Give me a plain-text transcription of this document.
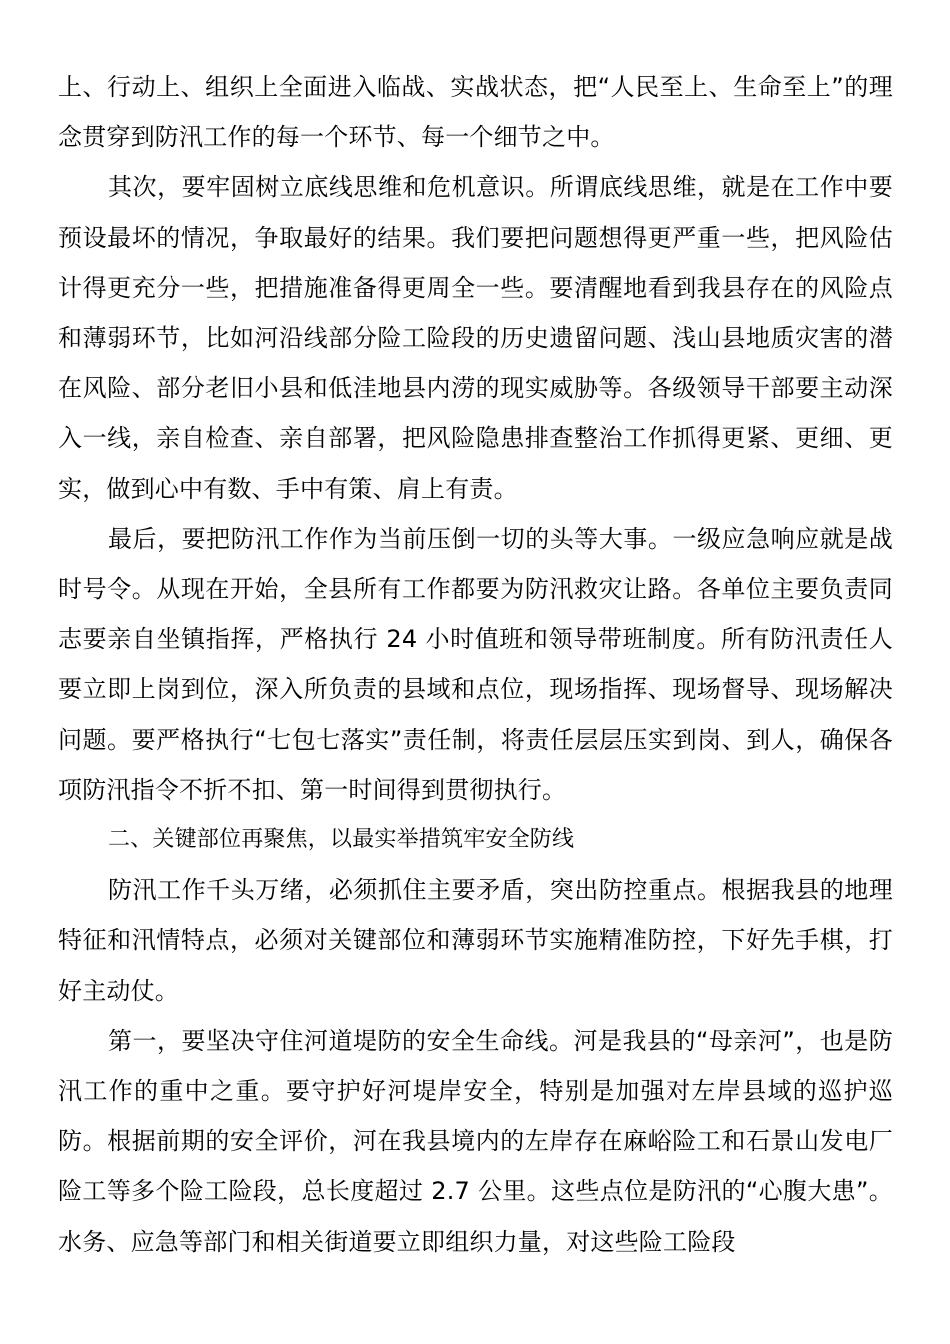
上、行动上、组织上全面进入临战、实战状态，把“人民至上、生命至上”的理念贯穿到防汛工作的每一个环节、每一个细节之中。

其次，要牢固树立底线思维和危机意识。所谓底线思维，就是在工作中要预设最坏的情况，争取最好的结果。我们要把问题想得更严重一些，把风险估计得更充分一些，把措施准备得更周全一些。要清醒地看到我县存在的风险点和薄弱环节，比如河沿线部分险工险段的历史遗留问题、浅山县地质灾害的潜在风险、部分老旧小县和低洼地县内涝的现实威胁等。各级领导干部要主动深入一线，亲自检查、亲自部署，把风险隐患排查整治工作抓得更紧、更细、更实，做到心中有数、手中有策、肩上有责。

最后，要把防汛工作作为当前压倒一切的头等大事。一级应急响应就是战时号令。从现在开始，全县所有工作都要为防汛救灾让路。各单位主要负责同志要亲自坐镇指挥，严格执行 24 小时值班和领导带班制度。所有防汛责任人要立即上岗到位，深入所负责的县域和点位，现场指挥、现场督导、现场解决问题。要严格执行“七包七落实”责任制，将责任层层压实到岗、到人，确保各项防汛指令不折不扣、第一时间得到贯彻执行。

二、关键部位再聚焦，以最实举措筑牢安全防线

防汛工作千头万绪，必须抓住主要矛盾，突出防控重点。根据我县的地理特征和汛情特点，必须对关键部位和薄弱环节实施精准防控，下好先手棋，打好主动仗。

第一，要坚决守住河道堤防的安全生命线。河是我县的“母亲河”，也是防汛工作的重中之重。要守护好河堤岸安全，特别是加强对左岸县域的巡护巡防。根据前期的安全评价，河在我县境内的左岸存在麻峪险工和石景山发电厂险工等多个险工险段，总长度超过 2.7 公里。这些点位是防汛的“心腹大患”。水务、应急等部门和相关街道要立即组织力量，对这些险工险段
